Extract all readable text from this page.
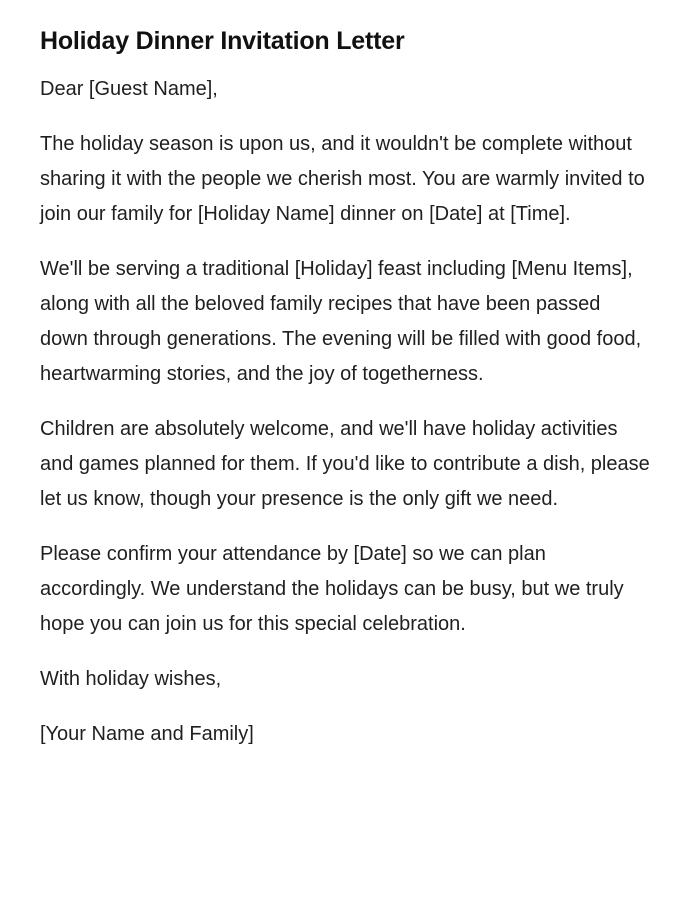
Holiday Dinner Invitation Letter

Dear [Guest Name],

The holiday season is upon us, and it wouldn't be complete without sharing it with the people we cherish most. You are warmly invited to join our family for [Holiday Name] dinner on [Date] at [Time].

We'll be serving a traditional [Holiday] feast including [Menu Items], along with all the beloved family recipes that have been passed down through generations. The evening will be filled with good food, heartwarming stories, and the joy of togetherness.

Children are absolutely welcome, and we'll have holiday activities and games planned for them. If you'd like to contribute a dish, please let us know, though your presence is the only gift we need.

Please confirm your attendance by [Date] so we can plan accordingly. We understand the holidays can be busy, but we truly hope you can join us for this special celebration.

With holiday wishes,

[Your Name and Family]
